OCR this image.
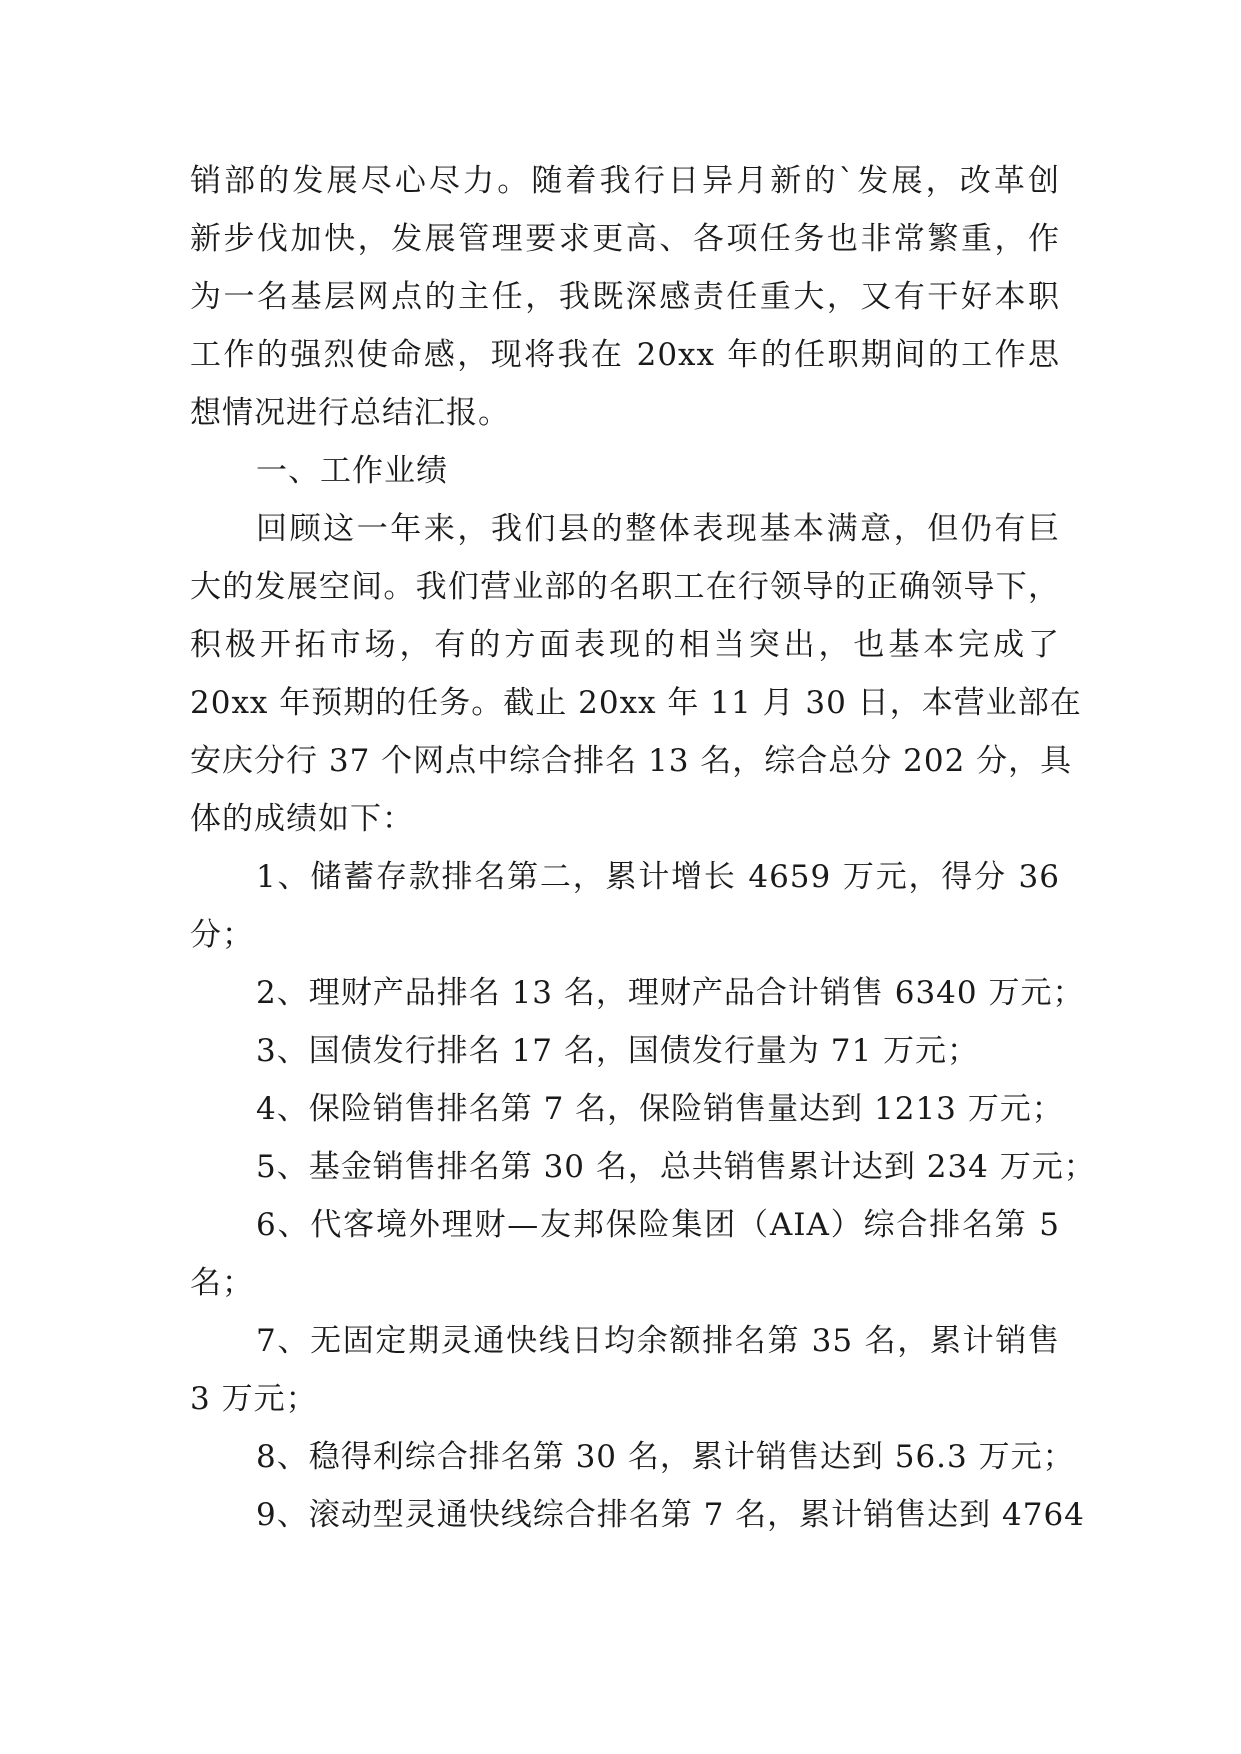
销部的发展尽心尽力。随着我行日异月新的`发展，改革创
新步伐加快，发展管理要求更高、各项任务也非常繁重，作
为一名基层网点的主任，我既深感责任重大，又有干好本职
工作的强烈使命感，现将我在 20xx 年的任职期间的工作思
想情况进行总结汇报。
一、工作业绩
回顾这一年来，我们县的整体表现基本满意，但仍有巨
大的发展空间。我们营业部的名职工在行领导的正确领导下，
积极开拓市场，有的方面表现的相当突出，也基本完成了
20xx 年预期的任务。截止 20xx 年 11 月 30 日，本营业部在
安庆分行 37 个网点中综合排名 13 名，综合总分 202 分，具
体的成绩如下：
1、储蓄存款排名第二，累计增长 4659 万元，得分 36
分；
2、理财产品排名 13 名，理财产品合计销售 6340 万元；
3、国债发行排名 17 名，国债发行量为 71 万元；
4、保险销售排名第 7 名，保险销售量达到 1213 万元；
5、基金销售排名第 30 名，总共销售累计达到 234 万元；
6、代客境外理财—友邦保险集团（AIA）综合排名第 5
名；
7、无固定期灵通快线日均余额排名第 35 名，累计销售
3 万元；
8、稳得利综合排名第 30 名，累计销售达到 56.3 万元；
9、滚动型灵通快线综合排名第 7 名，累计销售达到 4764
